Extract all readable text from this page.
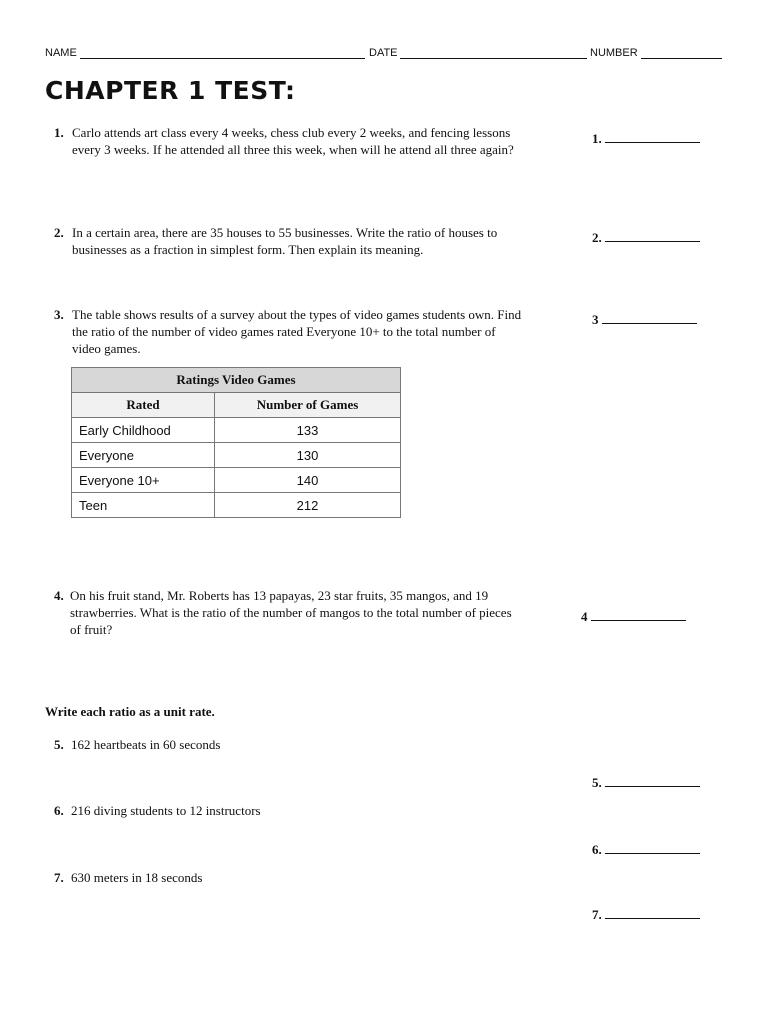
NAME	DATE	NUMBER
CHAPTER 1 TEST:
1. Carlo attends art class every 4 weeks, chess club every 2 weeks, and fencing lessons every 3 weeks. If he attended all three this week, when will he attend all three again?
1.
2. In a certain area, there are 35 houses to 55 businesses. Write the ratio of houses to businesses as a fraction in simplest form. Then explain its meaning.
2.
3. The table shows results of a survey about the types of video games students own. Find the ratio of the number of video games rated Everyone 10+ to the total number of video games.
3
Ratings Video Games	
Rated	Number of Games
Early Childhood	133
Everyone	130
Everyone 10+	140
Teen	212
4. On his fruit stand, Mr. Roberts has 13 papayas, 23 star fruits, 35 mangos, and 19 strawberries. What is the ratio of the number of mangos to the total number of pieces of fruit?
4
Write each ratio as a unit rate.
5. 162 heartbeats in 60 seconds
5.
6. 216 diving students to 12 instructors
6.
7. 630 meters in 18 seconds
7.
